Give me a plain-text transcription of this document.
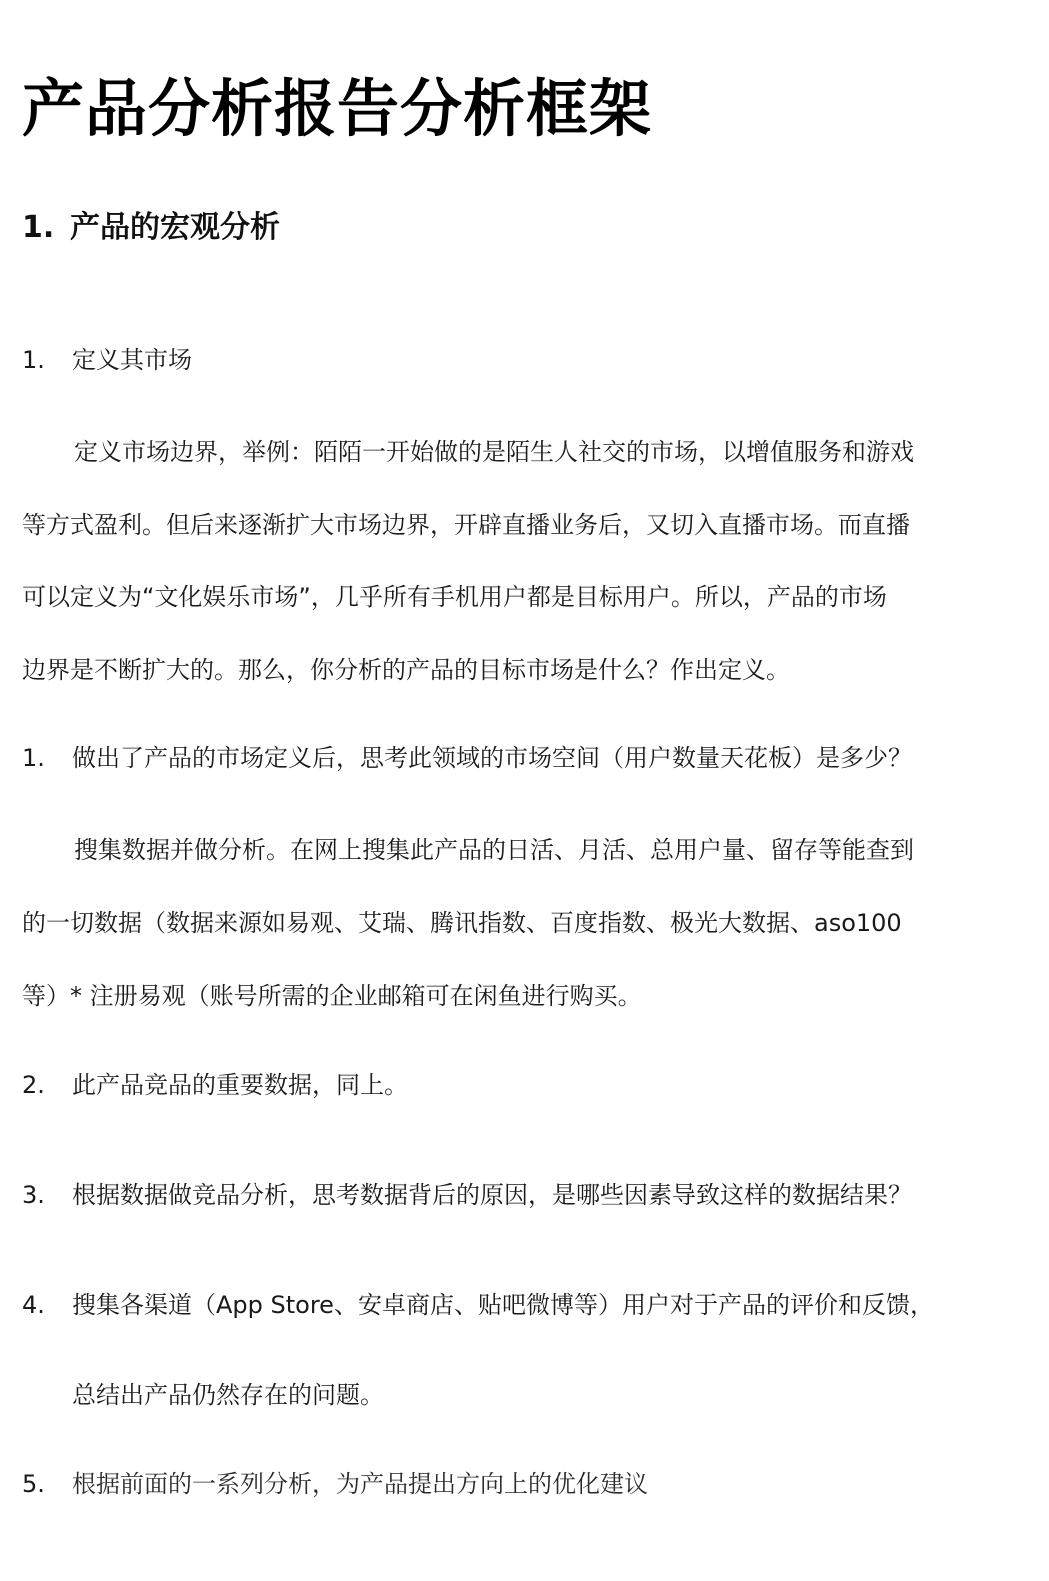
产品分析报告分析框架
1. 产品的宏观分析
1. 定义其市场
定义市场边界，举例：陌陌一开始做的是陌生人社交的市场，以增值服务和游戏
等方式盈利。但后来逐渐扩大市场边界，开辟直播业务后，又切入直播市场。而直播
可以定义为“文化娱乐市场”，几乎所有手机用户都是目标用户。所以，产品的市场
边界是不断扩大的。那么，你分析的产品的目标市场是什么？作出定义。
1. 做出了产品的市场定义后，思考此领域的市场空间（用户数量天花板）是多少？
搜集数据并做分析。在网上搜集此产品的日活、月活、总用户量、留存等能查到
的一切数据（数据来源如易观、艾瑞、腾讯指数、百度指数、极光大数据、aso100
等）* 注册易观（账号所需的企业邮箱可在闲鱼进行购买。
2. 此产品竞品的重要数据，同上。
3. 根据数据做竞品分析，思考数据背后的原因，是哪些因素导致这样的数据结果？
4. 搜集各渠道（App Store、安卓商店、贴吧微博等）用户对于产品的评价和反馈，
总结出产品仍然存在的问题。
5. 根据前面的一系列分析，为产品提出方向上的优化建议
